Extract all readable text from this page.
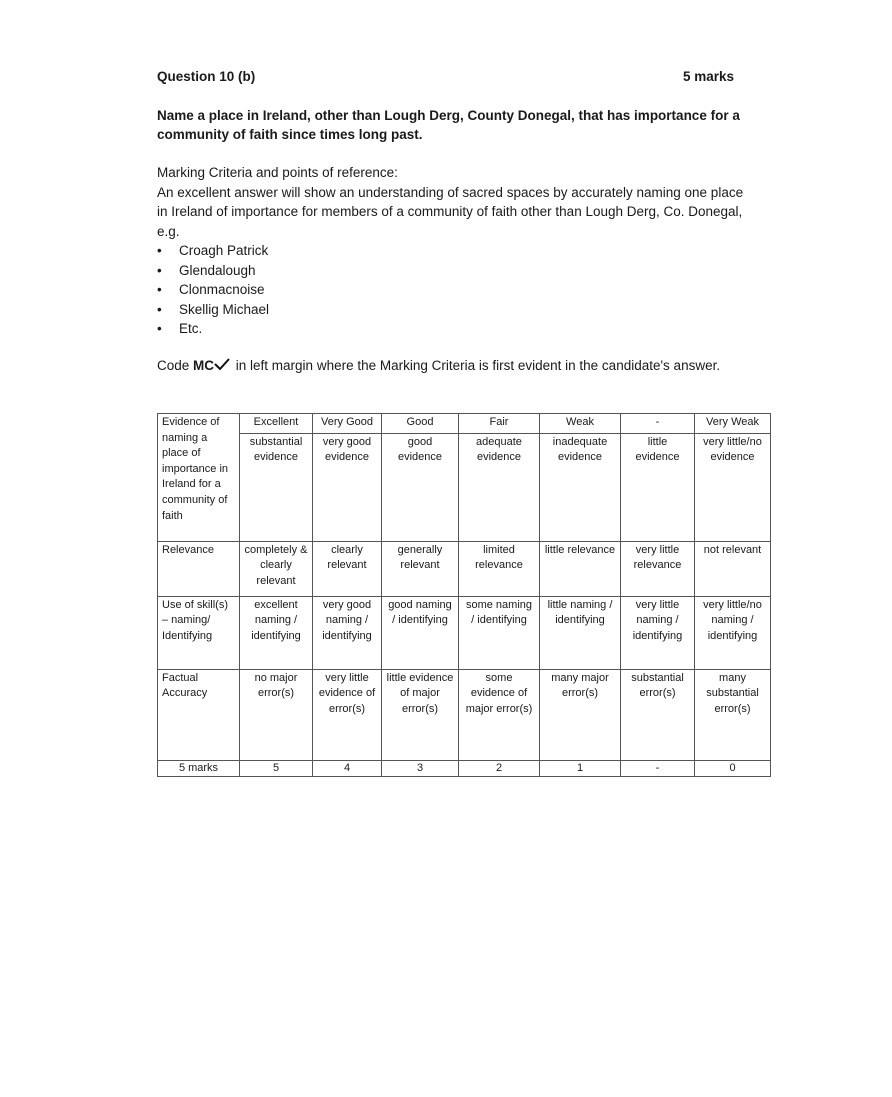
Question 10 (b)	5 marks
Name a place in Ireland, other than Lough Derg, County Donegal, that has importance for a community of faith since times long past.

Marking Criteria and points of reference:

An excellent answer will show an understanding of sacred spaces by accurately naming one place in Ireland of importance for members of a community of faith other than Lough Derg, Co. Donegal, e.g.

• Croagh Patrick
• Glendalough
• Clonmacnoise
• Skellig Michael
• Etc.
Code MC in left margin where the Marking Criteria is first evident in the candidate's answer.
Evidence of naming a place of importance in Ireland for a community of faith	Excellent	Very Good	Good	Fair	Weak	-	Very Weak
	substantial evidence	very good evidence	good evidence	adequate evidence	inadequate evidence	little evidence	very little/no evidence
Relevance	completely & clearly relevant	clearly relevant	generally relevant	limited relevance	little relevance	very little relevance	not relevant
Use of skill(s) – naming/ Identifying	excellent naming / identifying	very good naming / identifying	good naming / identifying	some naming / identifying	little naming / identifying	very little naming / identifying	very little/no naming / identifying
Factual Accuracy	no major error(s)	very little evidence of error(s)	little evidence of major error(s)	some evidence of major error(s)	many major error(s)	substantial error(s)	many substantial error(s)
5 marks	5	4	3	2	1	-	0
